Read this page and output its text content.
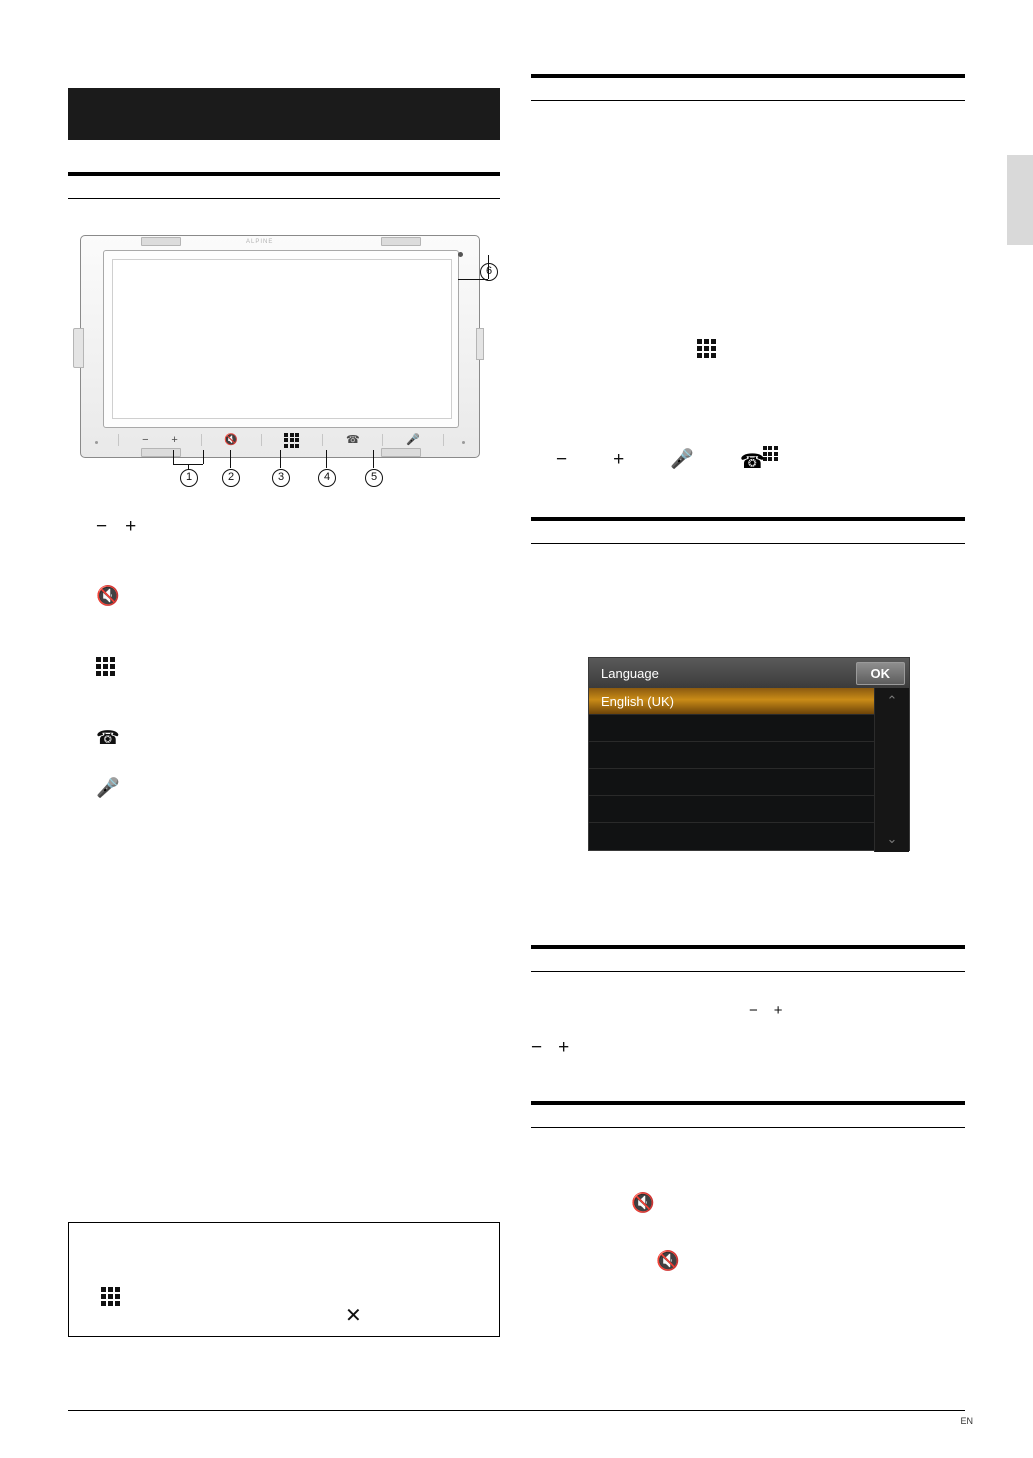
ALPINE
− +	🔇	☎	🎤
1	2	3	4	5
6
− +
🔇
☎
🎤
✕
− + 🎤 ☎
Language	OK
English (UK)	⌃
⌄
− +
− +
🔇
🔇
EN
